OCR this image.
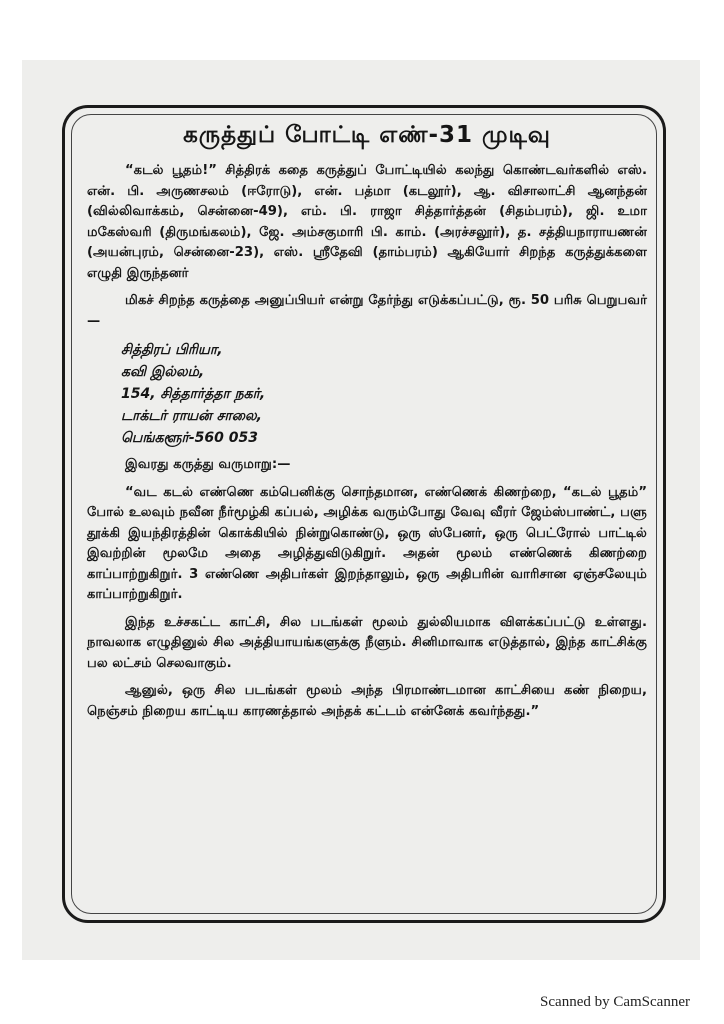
கருத்துப் போட்டி எண்-31 முடிவு

“கடல் பூதம்!” சித்திரக் கதை கருத்துப் போட்டியில் கலந்து கொண்டவர்களில் எஸ். என். பி. அருணசலம் (ஈரோடு), என். பத்மா (கடலூர்), ஆ. விசாலாட்சி ஆனந்தன் (வில்லிவாக்கம், சென்னை-49), எம். பி. ராஜா சித்தார்த்தன் (சிதம்பரம்), ஜி. உமா மகேஸ்வரி (திருமங்கலம்), ஜே. அம்சகுமாரி பி. காம். (அரச்சலூர்), த. சத்தியநாராயணன் (அயன்புரம், சென்னை-23), எஸ். ஸ்ரீதேவி (தாம்பரம்) ஆகியோர் சிறந்த கருத்துக்களை எழுதி இருந்தனர்

மிகச் சிறந்த கருத்தை அனுப்பியர் என்று தேர்ந்து எடுக்கப்பட்டு, ரூ. 50 பரிசு பெறுபவர்—

சித்திரப் பிரியா,
கவி இல்லம்,
154, சித்தார்த்தா நகர்,
டாக்டர் ராயன் சாலை,
பெங்களூர்-560 053

இவரது கருத்து வருமாறு:—

“வட கடல் எண்ணெ கம்பெனிக்கு சொந்தமான, எண்ணெக் கிணற்றை, “கடல் பூதம்” போல் உலவும் நவீன நீர்மூழ்கி கப்பல், அழிக்க வரும்போது வேவு வீரர் ஜேம்ஸ்பாண்ட், பளு தூக்கி இயந்திரத்தின் கொக்கியில் நின்றுகொண்டு, ஒரு ஸ்பேனர், ஒரு பெட்ரோல் பாட்டில் இவற்றின் மூலமே அதை அழித்துவிடுகிறுர். அதன் மூலம் எண்ணெக் கிணற்றை காப்பாற்றுகிறுர். 3 எண்ணெ அதிபர்கள் இறந்தாலும், ஒரு அதிபரின் வாரிசான ஏஞ்சலேயும் காப்பாற்றுகிறுர்.

இந்த உச்சகட்ட காட்சி, சில படங்கள் மூலம் துல்லியமாக விளக்கப்பட்டு உள்ளது. நாவலாக எழுதினுல் சில அத்தியாயங்களுக்கு நீளும். சினிமாவாக எடுத்தால், இந்த காட்சிக்கு பல லட்சம் செலவாகும்.

ஆனுல், ஒரு சில படங்கள் மூலம் அந்த பிரமாண்டமான காட்சியை கண் நிறைய, நெஞ்சம் நிறைய காட்டிய காரணத்தால் அந்தக் கட்டம் என்னேக் கவர்ந்தது.”

Scanned by CamScanner
